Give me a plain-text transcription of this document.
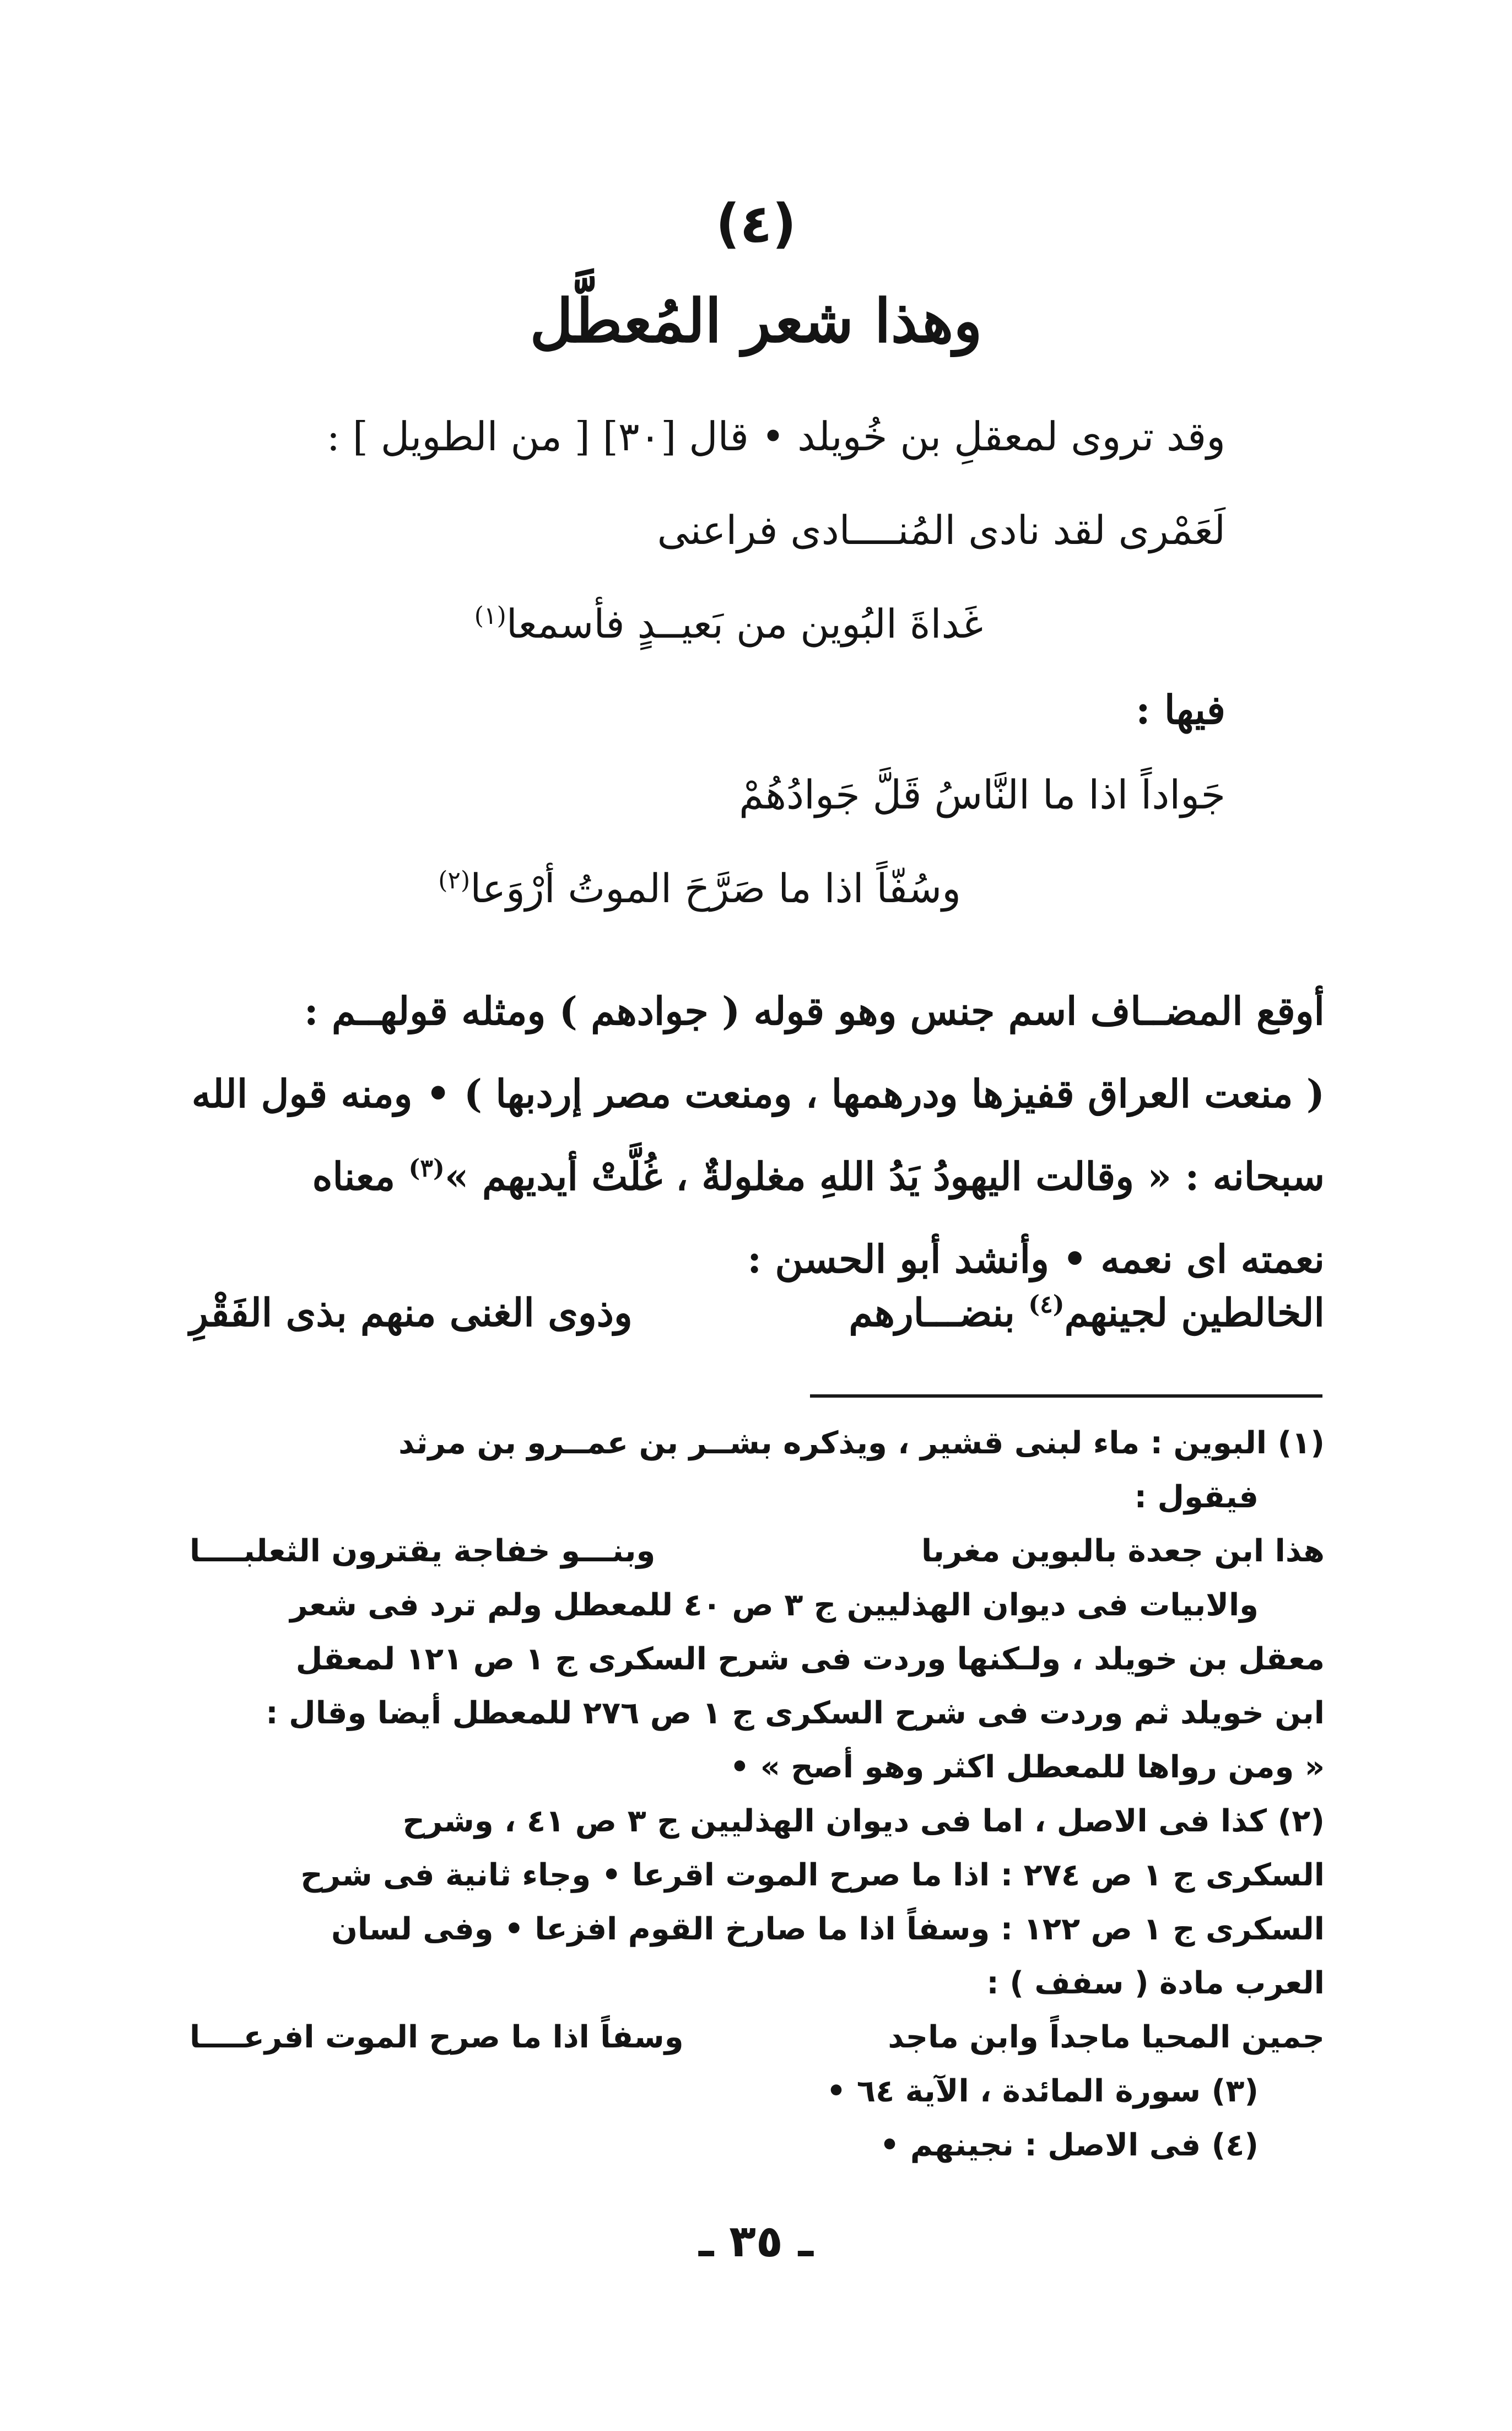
(٤)
وهذا شعر المُعطَّل
وقد تروى لمعقلِ بن خُويلد • قال [٣٠] [ من الطويل ] :
لَعَمْرى لقد نادى المُنــــادى فراعنى
غَداةَ البُوين من بَعيــدٍ فأسمعا$^{(١)}$
فيها :
جَواداً اذا ما النَّاسُ قَلَّ جَوادُهُمْ
وسُفّاً اذا ما صَرَّحَ الموتُ أرْوَعا$^{(٢)}$
أوقع المضــاف اسم جنس وهو قوله ( جوادهم ) ومثله قولهــم :
( منعت العراق قفيزها ودرهمها ، ومنعت مصر إردبها ) • ومنه قول الله
سبحانه : « وقالت اليهودُ يَدُ اللهِ مغلولةٌ ، غُلَّتْ أيديهم »$^{(٣)}$ معناه
نعمته اى نعمه • وأنشد أبو الحسن :
الخالطين لجينهم$^{(٤)}$ بنضـــارهم
وذوى الغنى منهم بذى الفَقْرِ
(١) البوين : ماء لبنى قشير ، ويذكره بشــر بن عمــرو بن مرثد
فيقول :
هذا ابن جعدة بالبوين مغربا
وبنـــو خفاجة يقترون الثعلبــــا
والابيات فى ديوان الهذليين ج ٣ ص ٤٠ للمعطل ولم ترد فى شعر
معقل بن خويلد ، ولـكنها وردت فى شرح السكرى ج ١ ص ١٢١ لمعقل
ابن خويلد ثم وردت فى شرح السكرى ج ١ ص ٢٧٦ للمعطل أيضا وقال :
« ومن رواها للمعطل اكثر وهو أصح » •
(٢) كذا فى الاصل ، اما فى ديوان الهذليين ج ٣ ص ٤١ ، وشرح
السكرى ج ١ ص ٢٧٤ : اذا ما صرح الموت اقرعا • وجاء ثانية فى شرح
السكرى ج ١ ص ١٢٢ : وسفاً اذا ما صارخ القوم افزعا • وفى لسان
العرب مادة ( سفف ) :
جمين المحيا ماجداً وابن ماجد
وسفاً اذا ما صرح الموت افرعــــا
(٣) سورة المائدة ، الآية ٦٤ •
(٤) فى الاصل : نجينهم •
ـ ٣٥ ـ
